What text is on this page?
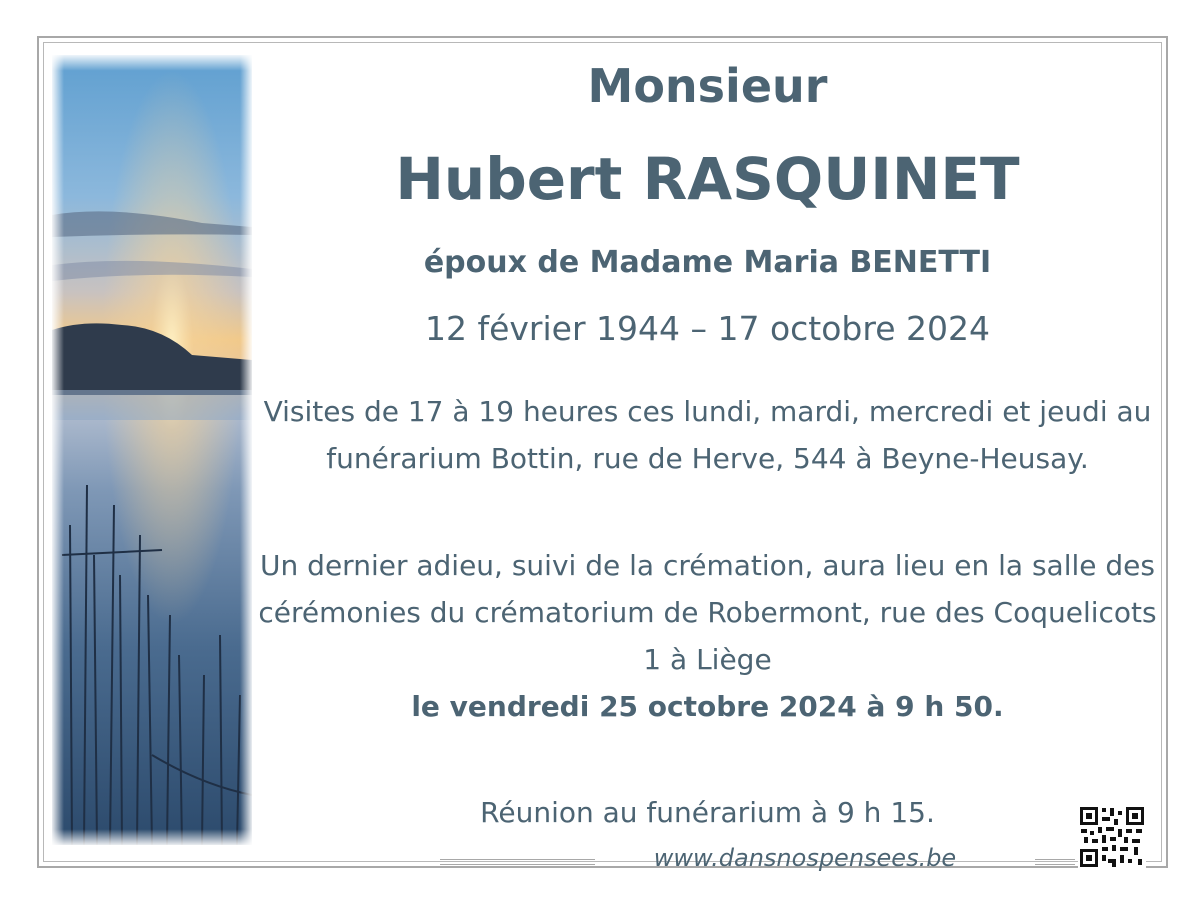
Monsieur
Hubert RASQUINET
époux de Madame Maria BENETTI
12 février 1944 – 17 octobre 2024
Visites de 17 à 19 heures ces lundi, mardi, mercredi et jeudi au funérarium Bottin, rue de Herve, 544 à Beyne-Heusay.
Un dernier adieu, suivi de la crémation, aura lieu en la salle des cérémonies du crématorium de Robermont, rue des Coquelicots 1 à Liège
le vendredi 25 octobre 2024 à 9 h 50.
Réunion au funérarium à 9 h 15.
www.dansnospensees.be
